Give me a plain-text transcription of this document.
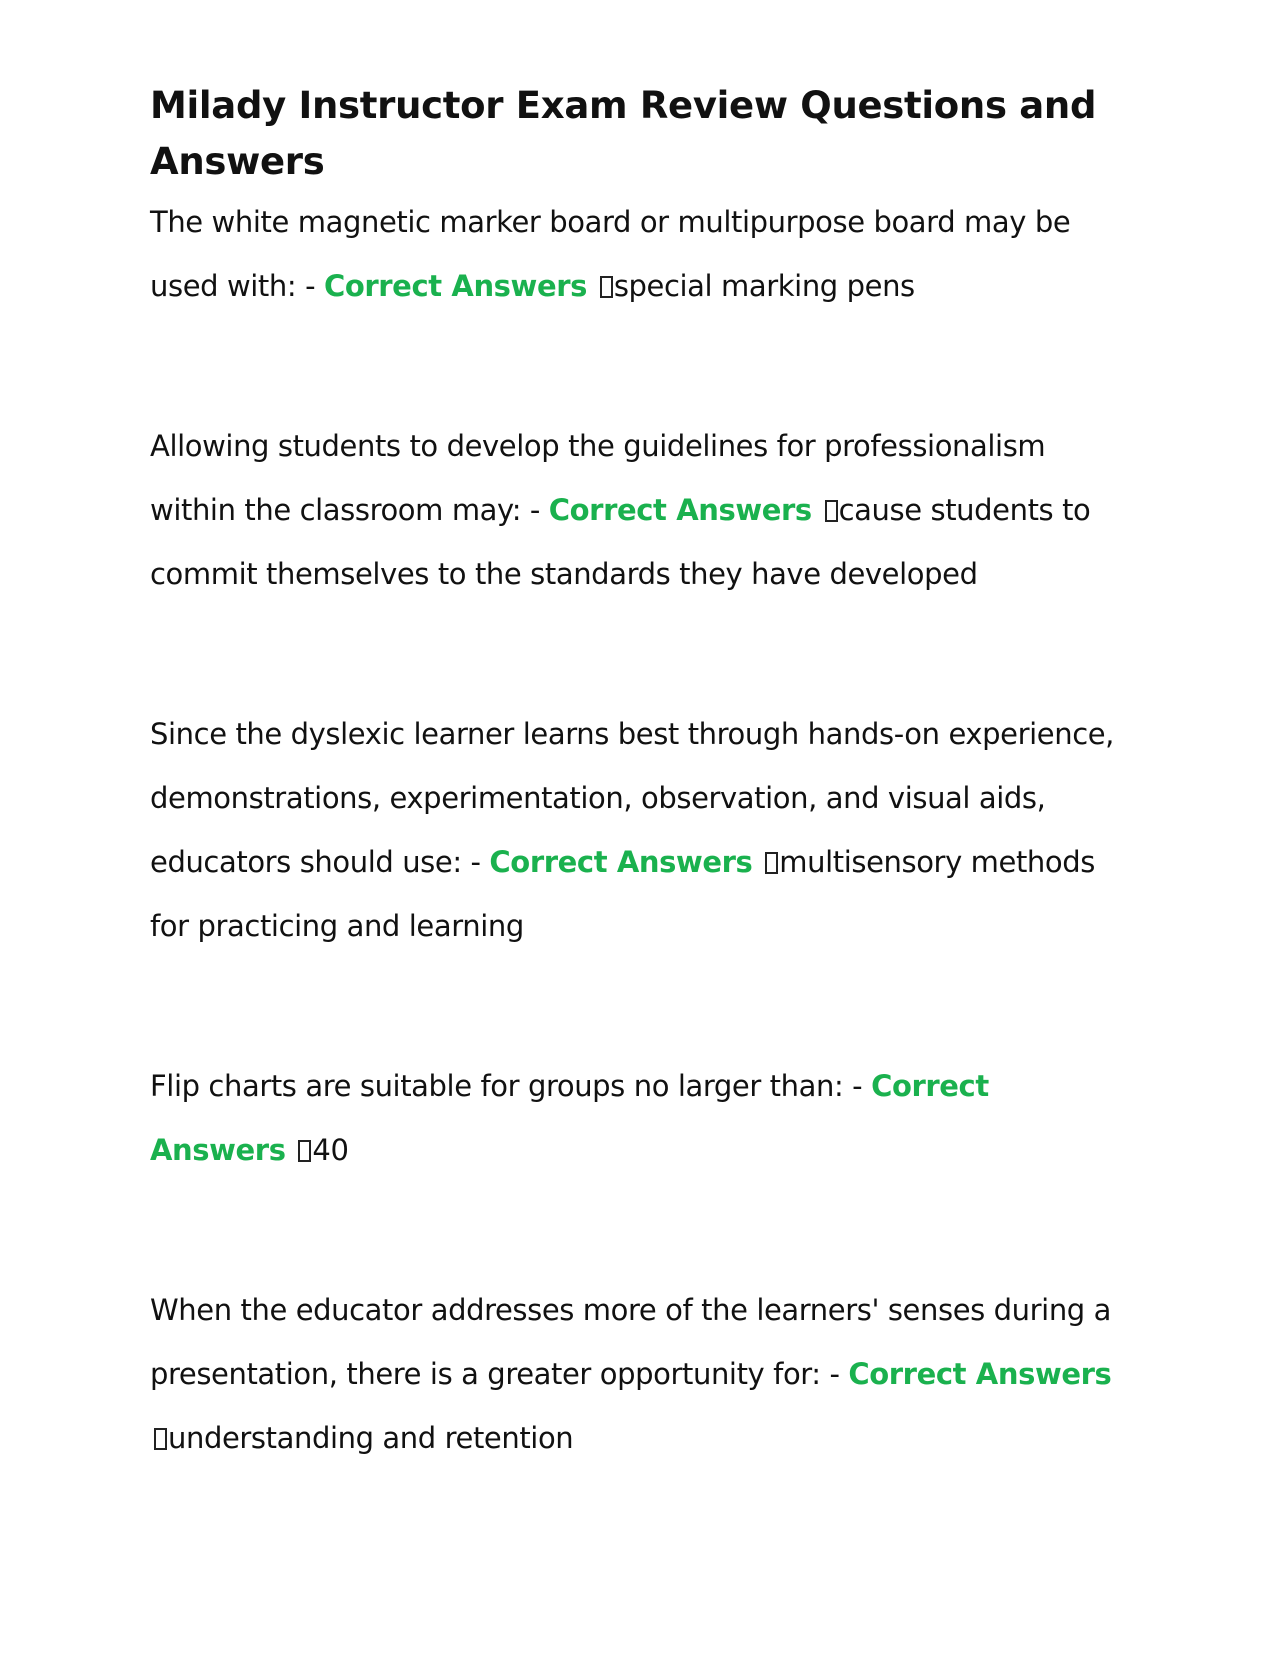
Milady Instructor Exam Review Questions and Answers

The white magnetic marker board or multipurpose board may be used with: - Correct Answers special marking pens

Allowing students to develop the guidelines for professionalism within the classroom may: - Correct Answers cause students to commit themselves to the standards they have developed

Since the dyslexic learner learns best through hands-on experience, demonstrations, experimentation, observation, and visual aids, educators should use: - Correct Answers multisensory methods for practicing and learning

Flip charts are suitable for groups no larger than: - Correct Answers 40

When the educator addresses more of the learners' senses during a presentation, there is a greater opportunity for: - Correct Answers understanding and retention
